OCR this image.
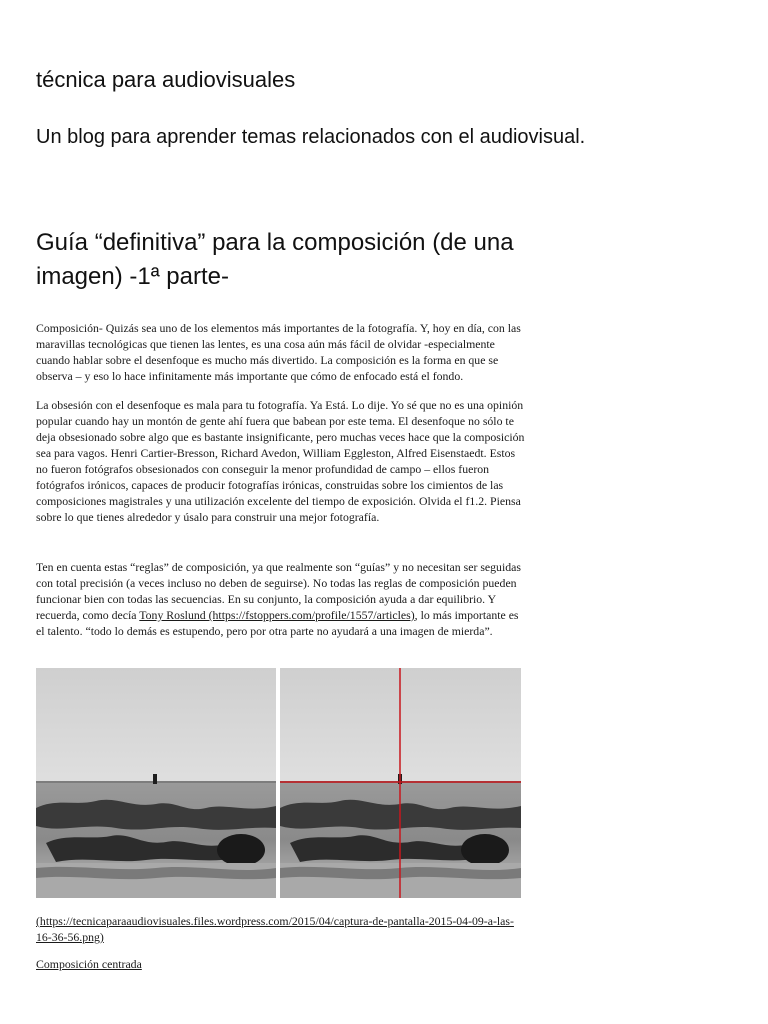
técnica para audiovisuales
Un blog para aprender temas relacionados con el audiovisual.
Guía “definitiva” para la composición (de una imagen) -1ª parte-

Composición- Quizás sea uno de los elementos más importantes de la fotografía. Y, hoy en día, con las maravillas tecnológicas que tienen las lentes, es una cosa aún más fácil de olvidar -especialmente cuando hablar sobre el desenfoque es mucho más divertido. La composición es la forma en que se observa – y eso lo hace infinitamente más importante que cómo de enfocado está el fondo.

La obsesión con el desenfoque es mala para tu fotografía. Ya Está. Lo dije. Yo sé que no es una opinión popular cuando hay un montón de gente ahí fuera que babean por este tema. El desenfoque no sólo te deja obsesionado sobre algo que es bastante insignificante, pero muchas veces hace que la composición sea para vagos. Henri Cartier-Bresson, Richard Avedon, William Eggleston, Alfred Eisenstaedt. Estos no fueron fotógrafos obsesionados con conseguir la menor profundidad de campo – ellos fueron fotógrafos irónicos, capaces de producir fotografías irónicas, construidas sobre los cimientos de las composiciones magistrales y una utilización excelente del tiempo de exposición. Olvida el f1.2. Piensa sobre lo que tienes alrededor y úsalo para construir una mejor fotografía.

Ten en cuenta estas “reglas” de composición, ya que realmente son “guías” y no necesitan ser seguidas con total precisión (a veces incluso no deben de seguirse). No todas las reglas de composición pueden funcionar bien con todas las secuencias. En su conjunto, la composición ayuda a dar equilibrio. Y recuerda, como decía Tony Roslund (https://fstoppers.com/profile/1557/articles), lo más importante es el talento. “todo lo demás es estupendo, pero por otra parte no ayudará a una imagen de mierda”.

(https://tecnicaparaaudiovisuales.files.wordpress.com/2015/04/captura-de-pantalla-2015-04-09-a-las-16-36-56.png)

Composición centrada
